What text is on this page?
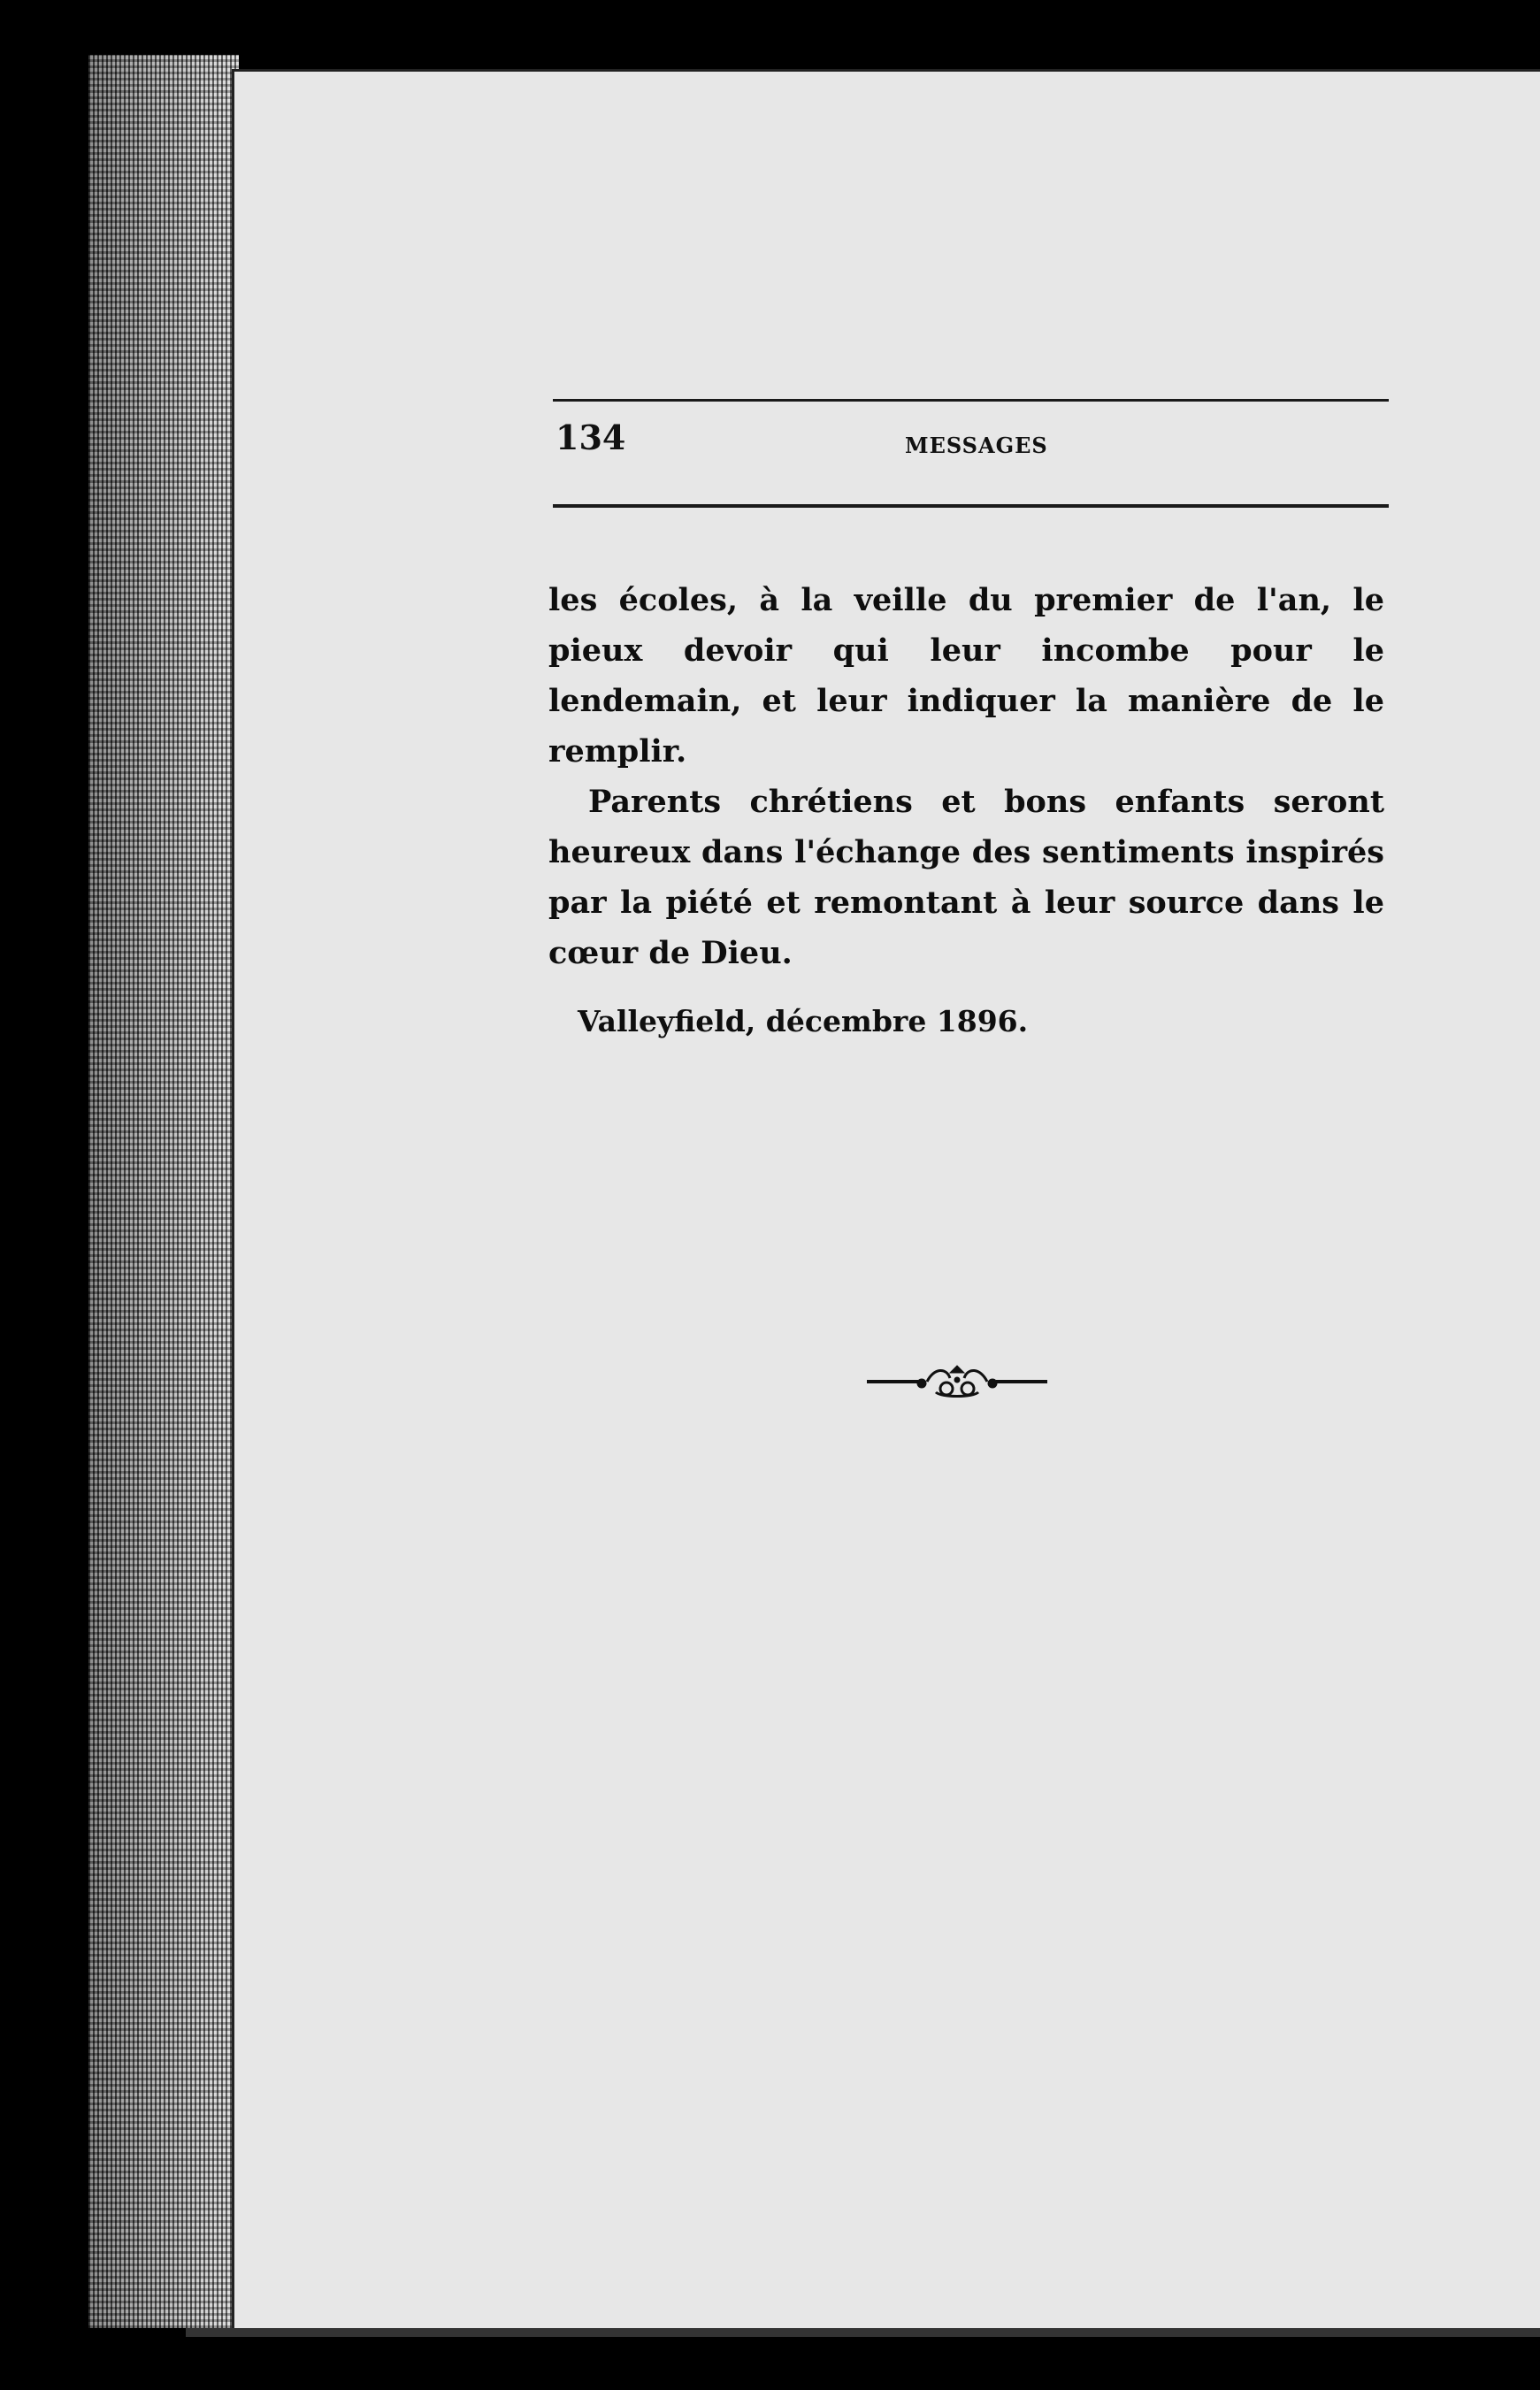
134	MESSAGES

les écoles, à la veille du premier de l'an, le pieux devoir qui leur incombe pour le lendemain, et leur indiquer la manière de le remplir.

Parents chrétiens et bons enfants seront heureux dans l'échange des sentiments inspirés par la piété et remontant à leur source dans le cœur de Dieu.

Valleyfield, décembre 1896.
